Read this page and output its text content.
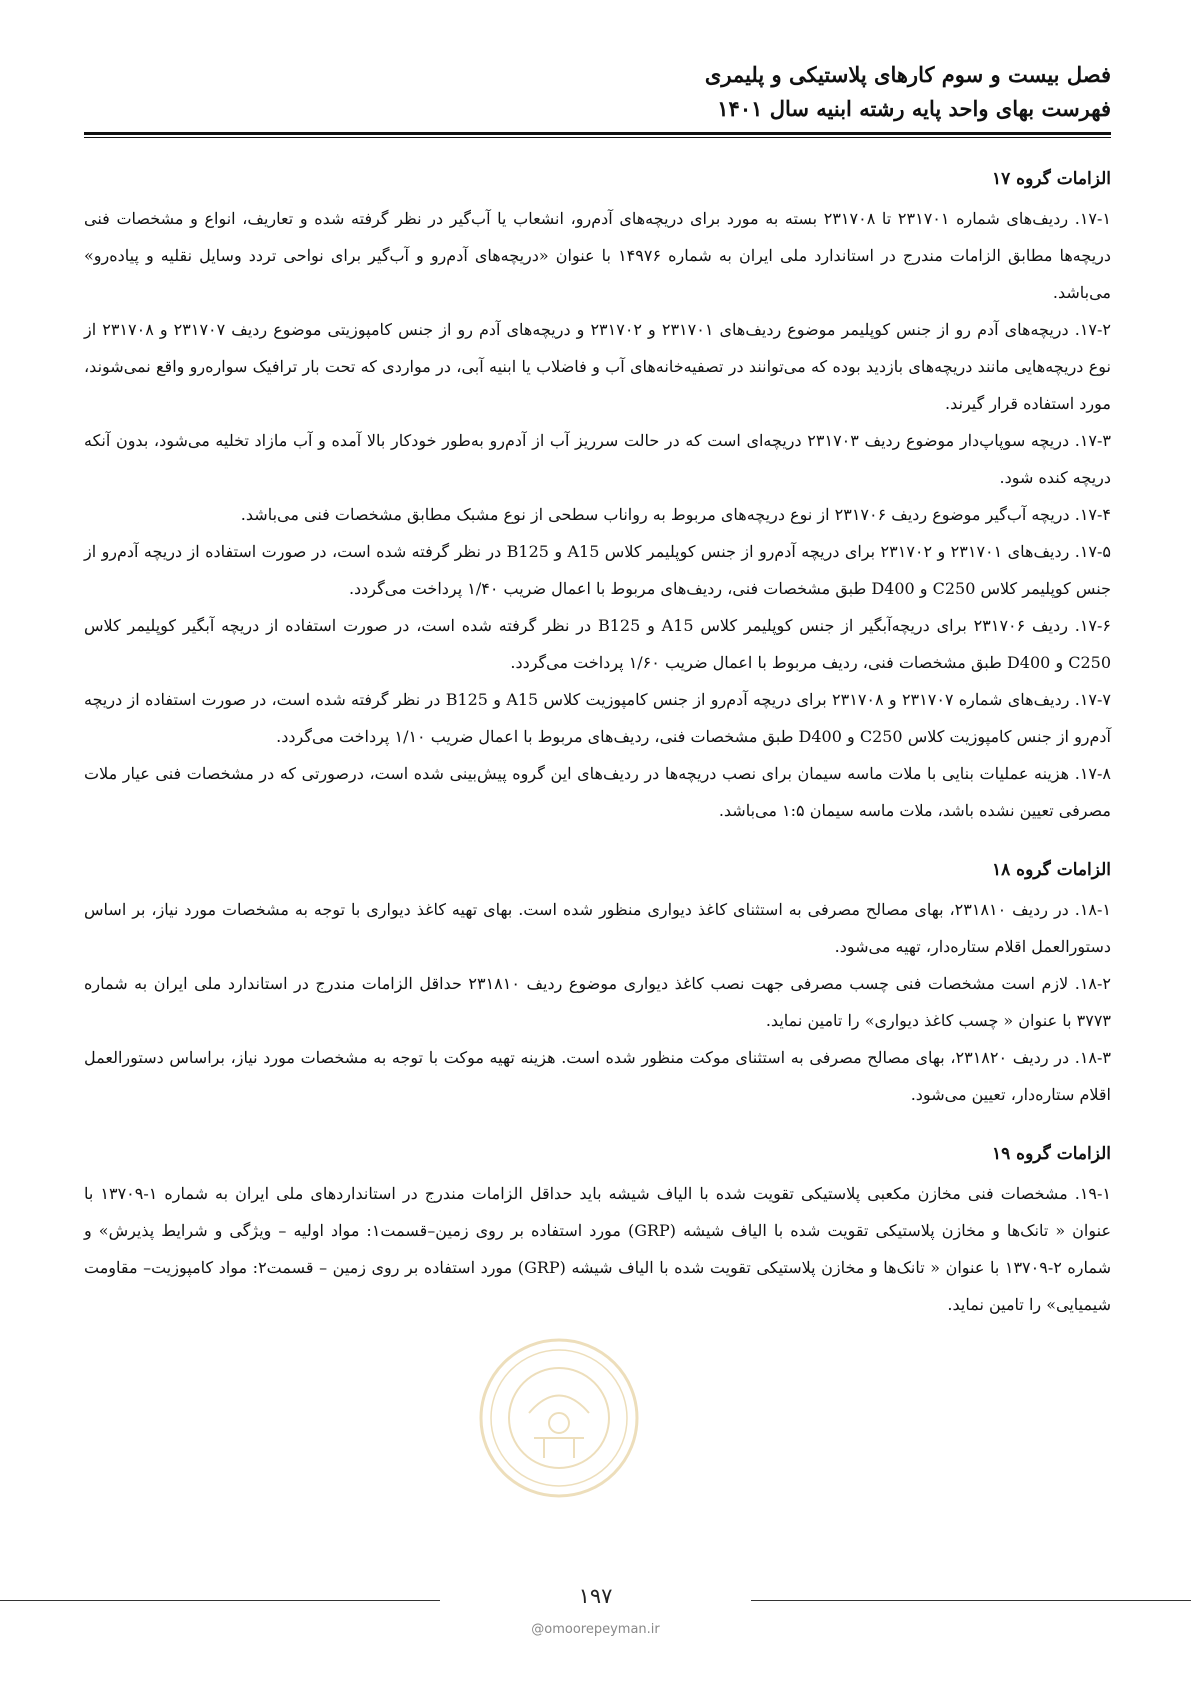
فصل بیست و سوم کارهای پلاستیکی و پلیمری
فهرست بهای واحد پایه رشته ابنیه سال ۱۴۰۱
الزامات گروه ۱۷

۱۷-۱. ردیف‌های شماره ۲۳۱۷۰۱ تا ۲۳۱۷۰۸ بسته به مورد برای دریچه‌های آدم‌رو، انشعاب یا آب‌گیر در نظر گرفته شده و تعاریف، انواع و مشخصات فنی دریچه‌ها مطابق الزامات مندرج در استاندارد ملی ایران به شماره ۱۴۹۷۶ با عنوان «دریچه‌های آدم‌رو و آب‌گیر برای نواحی تردد وسایل نقلیه و پیاده‌رو» می‌باشد.

۱۷-۲. دریچه‌های آدم رو از جنس کوپلیمر موضوع ردیف‌های ۲۳۱۷۰۱ و ۲۳۱۷۰۲ و دریچه‌های آدم رو از جنس کامپوزیتی موضوع ردیف ۲۳۱۷۰۷ و ۲۳۱۷۰۸ از نوع دریچه‌هایی مانند دریچه‌های بازدید بوده که می‌توانند در تصفیه‌خانه‌های آب و فاضلاب یا ابنیه آبی، در مواردی که تحت بار ترافیک سواره‌رو واقع نمی‌شوند، مورد استفاده قرار گیرند.

۱۷-۳. دریچه سوپاپ‌دار موضوع ردیف ۲۳۱۷۰۳ دریچه‌ای است که در حالت سرریز آب از آدم‌رو به‌طور خودکار بالا آمده و آب مازاد تخلیه می‌شود، بدون آنکه دریچه کنده شود.

۱۷-۴. دریچه آب‌گیر موضوع ردیف ۲۳۱۷۰۶ از نوع دریچه‌های مربوط به رواناب سطحی از نوع مشبک مطابق مشخصات فنی می‌باشد.

۱۷-۵. ردیف‌های ۲۳۱۷۰۱ و ۲۳۱۷۰۲ برای دریچه آدم‌رو از جنس کوپلیمر کلاس A15 و B125 در نظر گرفته شده است، در صورت استفاده از دریچه آدم‌رو از جنس کوپلیمر کلاس C250 و D400 طبق مشخصات فنی، ردیف‌های مربوط با اعمال ضریب ۱/۴۰ پرداخت می‌گردد.

۱۷-۶. ردیف ۲۳۱۷۰۶ برای دریچه‌آبگیر از جنس کوپلیمر کلاس A15 و B125 در نظر گرفته شده است، در صورت استفاده از دریچه آبگیر کوپلیمر کلاس C250 و D400 طبق مشخصات فنی، ردیف مربوط با اعمال ضریب ۱/۶۰ پرداخت می‌گردد.

۱۷-۷. ردیف‌های شماره ۲۳۱۷۰۷ و ۲۳۱۷۰۸ برای دریچه آدم‌رو از جنس کامپوزیت کلاس A15 و B125 در نظر گرفته شده است، در صورت استفاده از دریچه آدم‌رو از جنس کامپوزیت کلاس C250 و D400 طبق مشخصات فنی، ردیف‌های مربوط با اعمال ضریب ۱/۱۰ پرداخت می‌گردد.

۱۷-۸. هزینه عملیات بنایی با ملات ماسه سیمان برای نصب دریچه‌ها در ردیف‌های این گروه پیش‌بینی شده است، درصورتی که در مشخصات فنی عیار ملات مصرفی تعیین نشده باشد، ملات ماسه سیمان ۱:۵ می‌باشد.

الزامات گروه ۱۸

۱۸-۱. در ردیف ۲۳۱۸۱۰، بهای مصالح مصرفی به استثنای کاغذ دیواری منظور شده است. بهای تهیه کاغذ دیواری با توجه به مشخصات مورد نیاز، بر اساس دستورالعمل اقلام ستاره‌دار، تهیه می‌شود.

۱۸-۲. لازم است مشخصات فنی چسب مصرفی جهت نصب کاغذ دیواری موضوع ردیف ۲۳۱۸۱۰ حداقل الزامات مندرج در استاندارد ملی ایران به شماره ۳۷۷۳ با عنوان « چسب کاغذ دیواری» را تامین نماید.

۱۸-۳. در ردیف ۲۳۱۸۲۰، بهای مصالح مصرفی به استثنای موکت منظور شده است. هزینه تهیه موکت با توجه به مشخصات مورد نیاز، براساس دستورالعمل اقلام ستاره‌دار، تعیین می‌شود.

الزامات گروه ۱۹

۱۹-۱. مشخصات فنی مخازن مکعبی پلاستیکی تقویت شده با الیاف شیشه باید حداقل الزامات مندرج در استانداردهای ملی ایران به شماره ۱-۱۳۷۰۹ با عنوان « تانک‌ها و مخازن پلاستیکی تقویت شده با الیاف شیشه (GRP) مورد استفاده بر روی زمین–قسمت۱: مواد اولیه – ویژگی و شرایط پذیرش» و شماره ۲-۱۳۷۰۹ با عنوان « تانک‌ها و مخازن پلاستیکی تقویت شده با الیاف شیشه (GRP) مورد استفاده بر روی زمین – قسمت۲: مواد کامپوزیت– مقاومت شیمیایی» را تامین نماید.

۱۹۷
@omoorepeyman.ir
